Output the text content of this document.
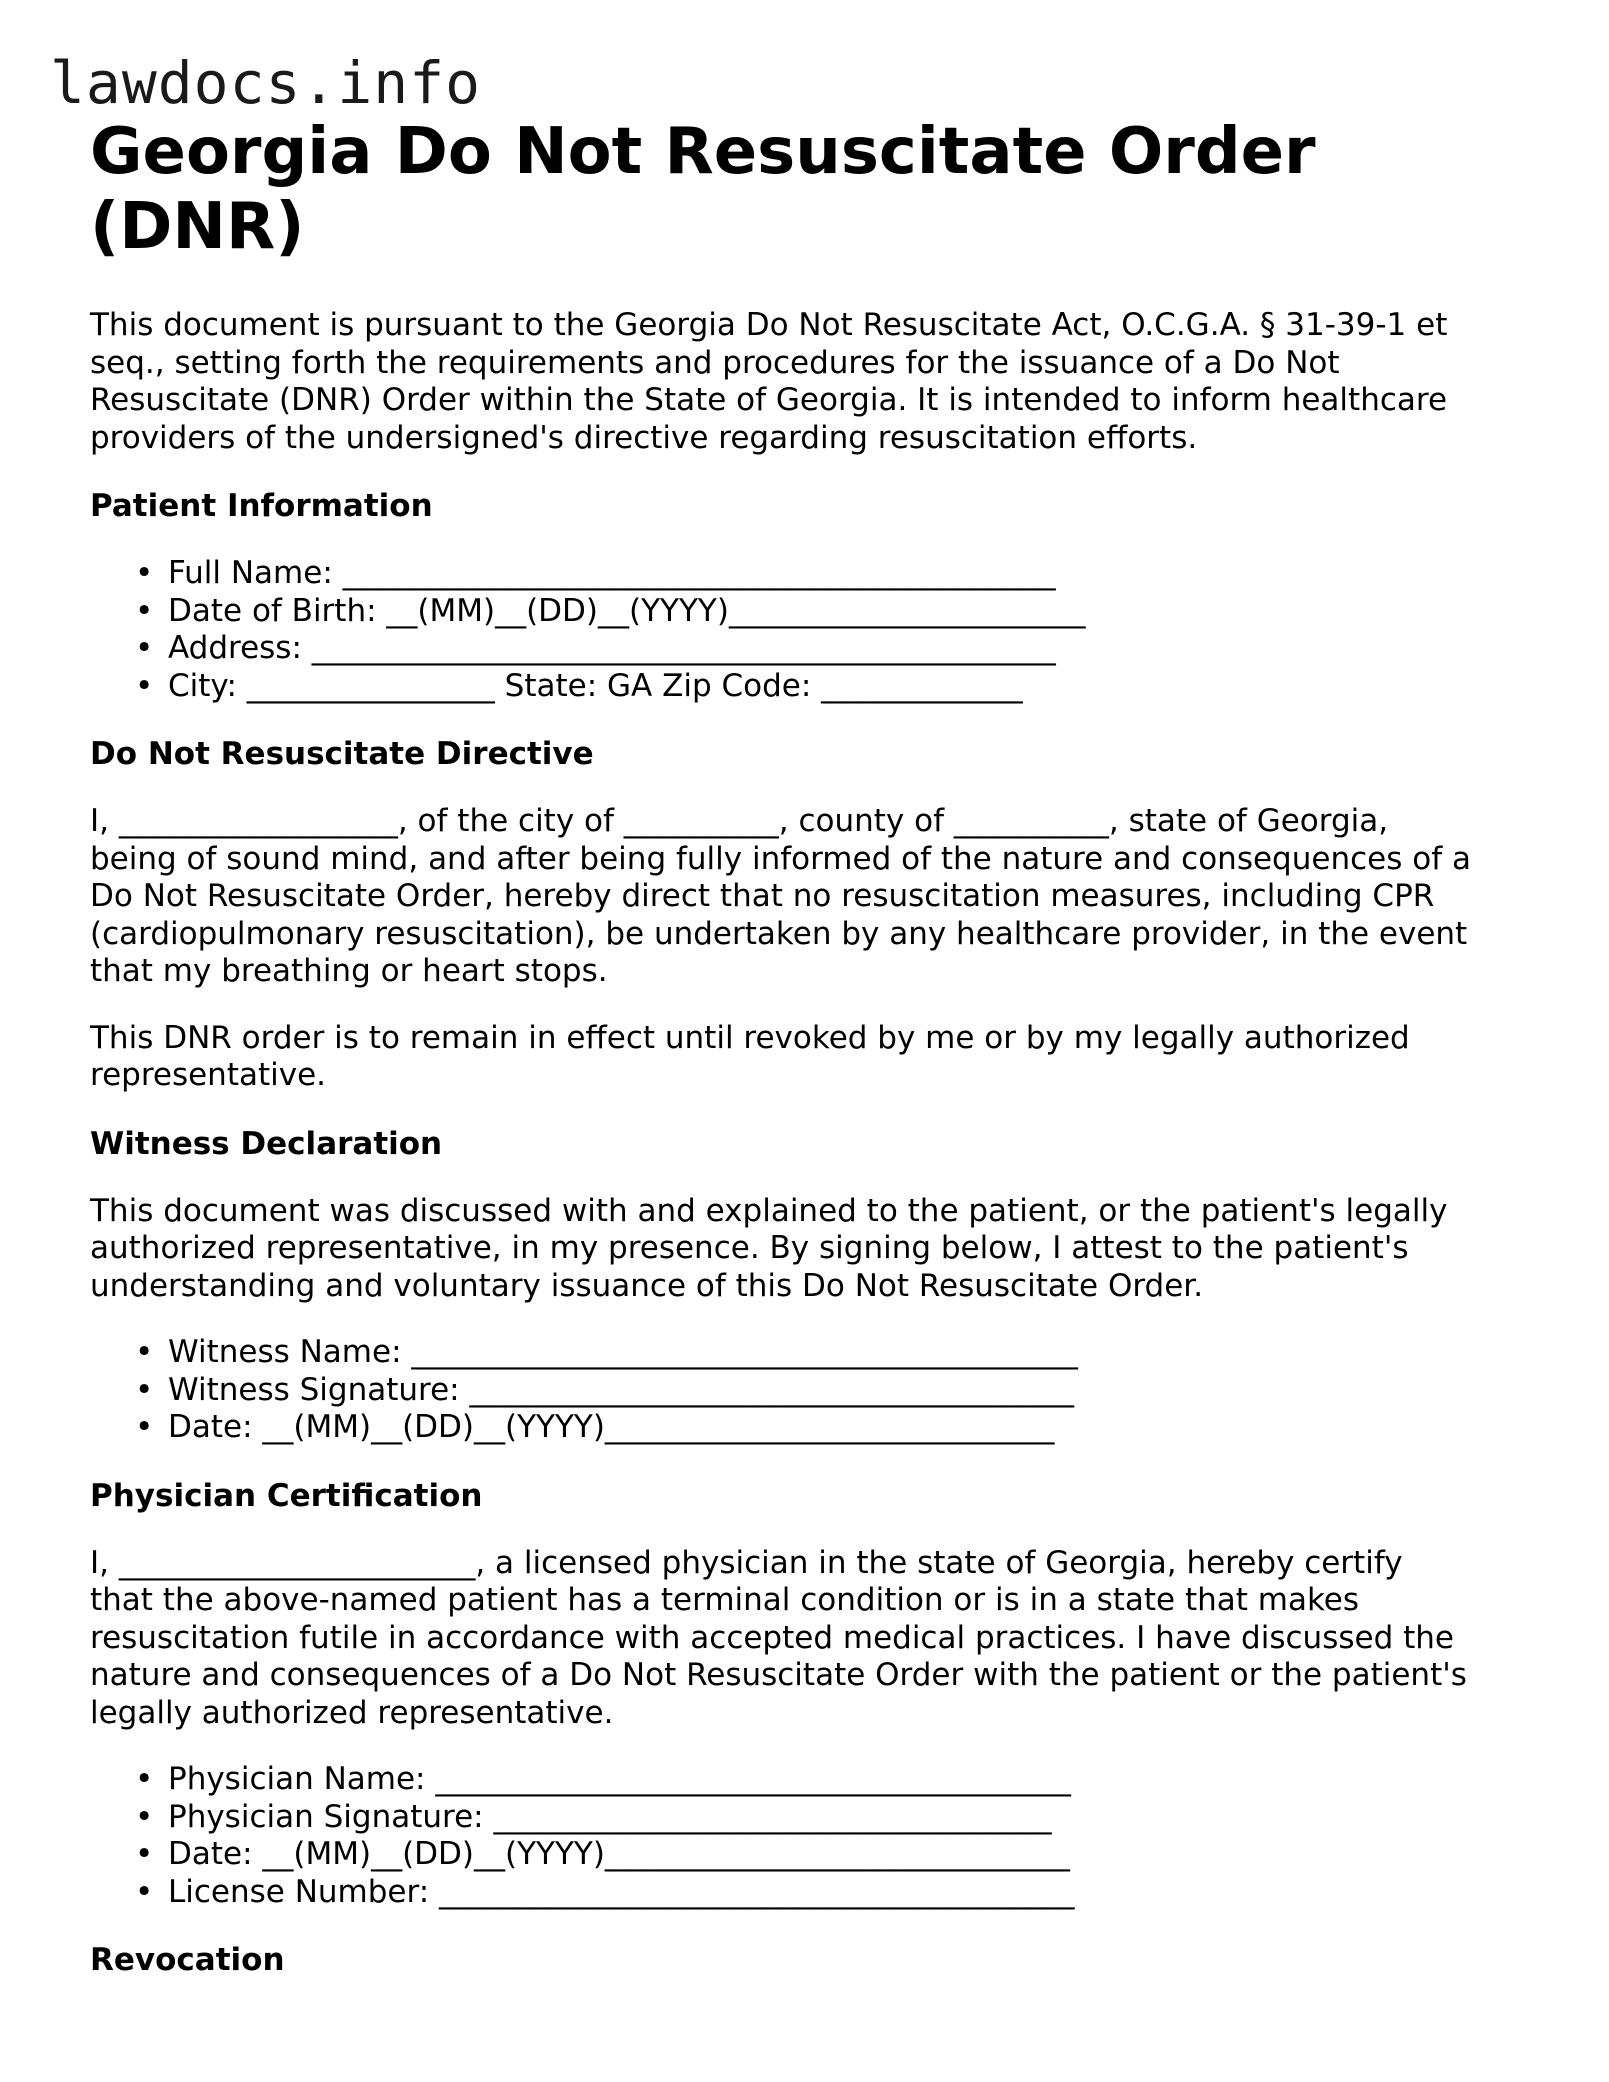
lawdocs.info
Georgia Do Not Resuscitate Order (DNR)

This document is pursuant to the Georgia Do Not Resuscitate Act, O.C.G.A. § 31-39-1 et
seq., setting forth the requirements and procedures for the issuance of a Do Not
Resuscitate (DNR) Order within the State of Georgia. It is intended to inform healthcare
providers of the undersigned's directive regarding resuscitation efforts.

Patient Information
• Full Name: ______________________________________________
• Date of Birth: __(MM)__(DD)__(YYYY)_______________________
• Address: ________________________________________________
• City: ________________ State: GA Zip Code: _____________
Do Not Resuscitate Directive

I, __________________, of the city of __________, county of __________, state of Georgia,
being of sound mind, and after being fully informed of the nature and consequences of a
Do Not Resuscitate Order, hereby direct that no resuscitation measures, including CPR
(cardiopulmonary resuscitation), be undertaken by any healthcare provider, in the event
that my breathing or heart stops.

This DNR order is to remain in effect until revoked by me or by my legally authorized
representative.

Witness Declaration

This document was discussed with and explained to the patient, or the patient's legally
authorized representative, in my presence. By signing below, I attest to the patient's
understanding and voluntary issuance of this Do Not Resuscitate Order.

• Witness Name: ___________________________________________
• Witness Signature: _______________________________________
• Date: __(MM)__(DD)__(YYYY)_____________________________
Physician Certification

I, _______________________, a licensed physician in the state of Georgia, hereby certify
that the above-named patient has a terminal condition or is in a state that makes
resuscitation futile in accordance with accepted medical practices. I have discussed the
nature and consequences of a Do Not Resuscitate Order with the patient or the patient's
legally authorized representative.

• Physician Name: _________________________________________
• Physician Signature: ____________________________________
• Date: __(MM)__(DD)__(YYYY)______________________________
• License Number: _________________________________________
Revocation
